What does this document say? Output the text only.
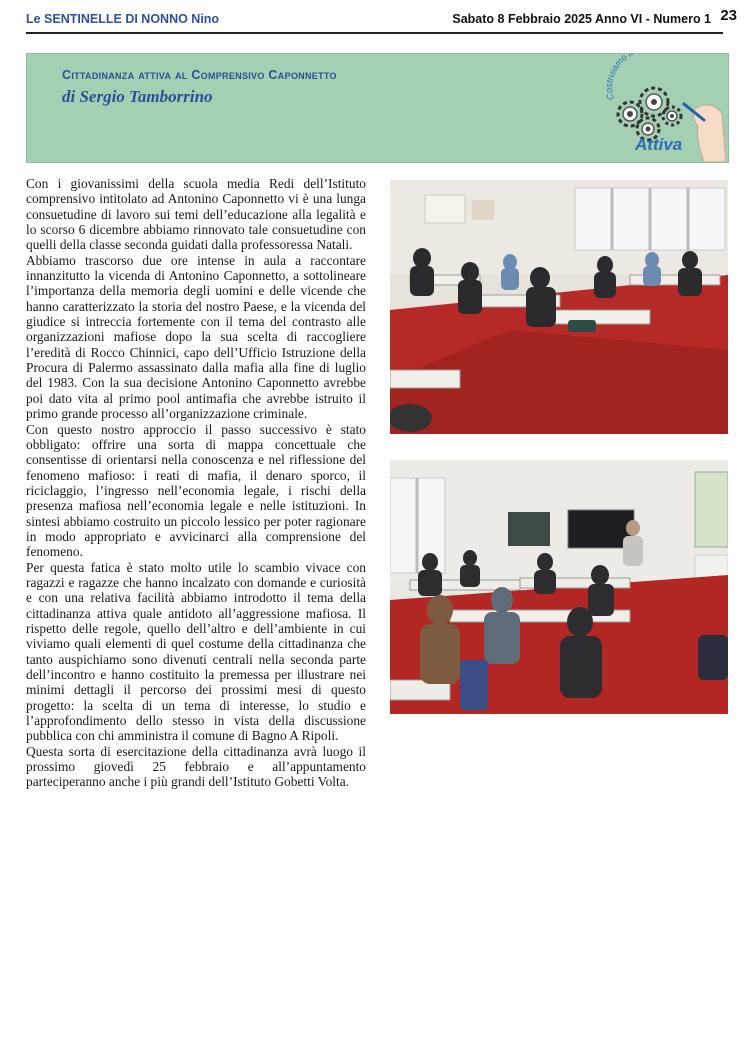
Le SENTINELLE DI NONNO Nino	Sabato 8 Febbraio 2025 Anno VI - Numero 1 23
Cittadinanza attiva al Comprensivo Caponnetto
di Sergio Tamborrino	Costruiamo
Attiva

Con i giovanissimi della scuola media Redi dell’Istituto comprensivo intitolato ad Antonino Caponnetto vi è una lunga consuetudine di lavoro sui temi dell’educazione alla legalità e lo scorso 6 dicembre abbiamo rinnovato tale consuetudine con quelli della classe seconda guidati dalla professoressa Natali.

Abbiamo trascorso due ore intense in aula a raccontare innanzitutto la vicenda di Antonino Caponnetto, a sottolineare l’importanza della memoria degli uomini e delle vicende che hanno caratterizzato la storia del nostro Paese, e la vicenda del giudice si intreccia fortemente con il tema del contrasto alle organizzazioni mafiose dopo la sua scelta di raccogliere l’eredità di Rocco Chinnici, capo dell’Ufficio Istruzione della Procura di Palermo assassinato dalla mafia alla fine di luglio del 1983. Con la sua decisione Antonino Caponnetto avrebbe poi dato vita al primo pool antimafia che avrebbe istruito il primo grande processo all’organizzazione criminale.

Con questo nostro approccio il passo successivo è stato obbligato: offrire una sorta di mappa concettuale che consentisse di orientarsi nella conoscenza e nel riflessione del fenomeno mafioso: i reati di mafia, il denaro sporco, il riciclaggio, l’ingresso nell’economia legale, i rischi della presenza mafiosa nell’economia legale e nelle istituzioni. In sintesi abbiamo costruito un piccolo lessico per poter ragionare in modo appropriato e avvicinarci alla comprensione del fenomeno.

Per questa fatica è stato molto utile lo scambio vivace con ragazzi e ragazze che hanno incalzato con domande e curiosità e con una relativa facilità abbiamo introdotto il tema della cittadinanza attiva quale antidoto all’aggressione mafiosa. Il rispetto delle regole, quello dell’altro e dell’ambiente in cui viviamo quali elementi di quel costume della cittadinanza che tanto auspichiamo sono divenuti centrali nella seconda parte dell’incontro e hanno costituito la premessa per illustrare nei minimi dettagli il percorso dei prossimi mesi di questo progetto: la scelta di un tema di interesse, lo studio e l’approfondimento dello stesso in vista della discussione pubblica con chi amministra il comune di Bagno A Ripoli.

Questa sorta di esercitazione della cittadinanza avrà luogo il prossimo giovedì 25 febbraio e all’appuntamento parteciperanno anche i più grandi dell’Istituto Gobetti Volta.
